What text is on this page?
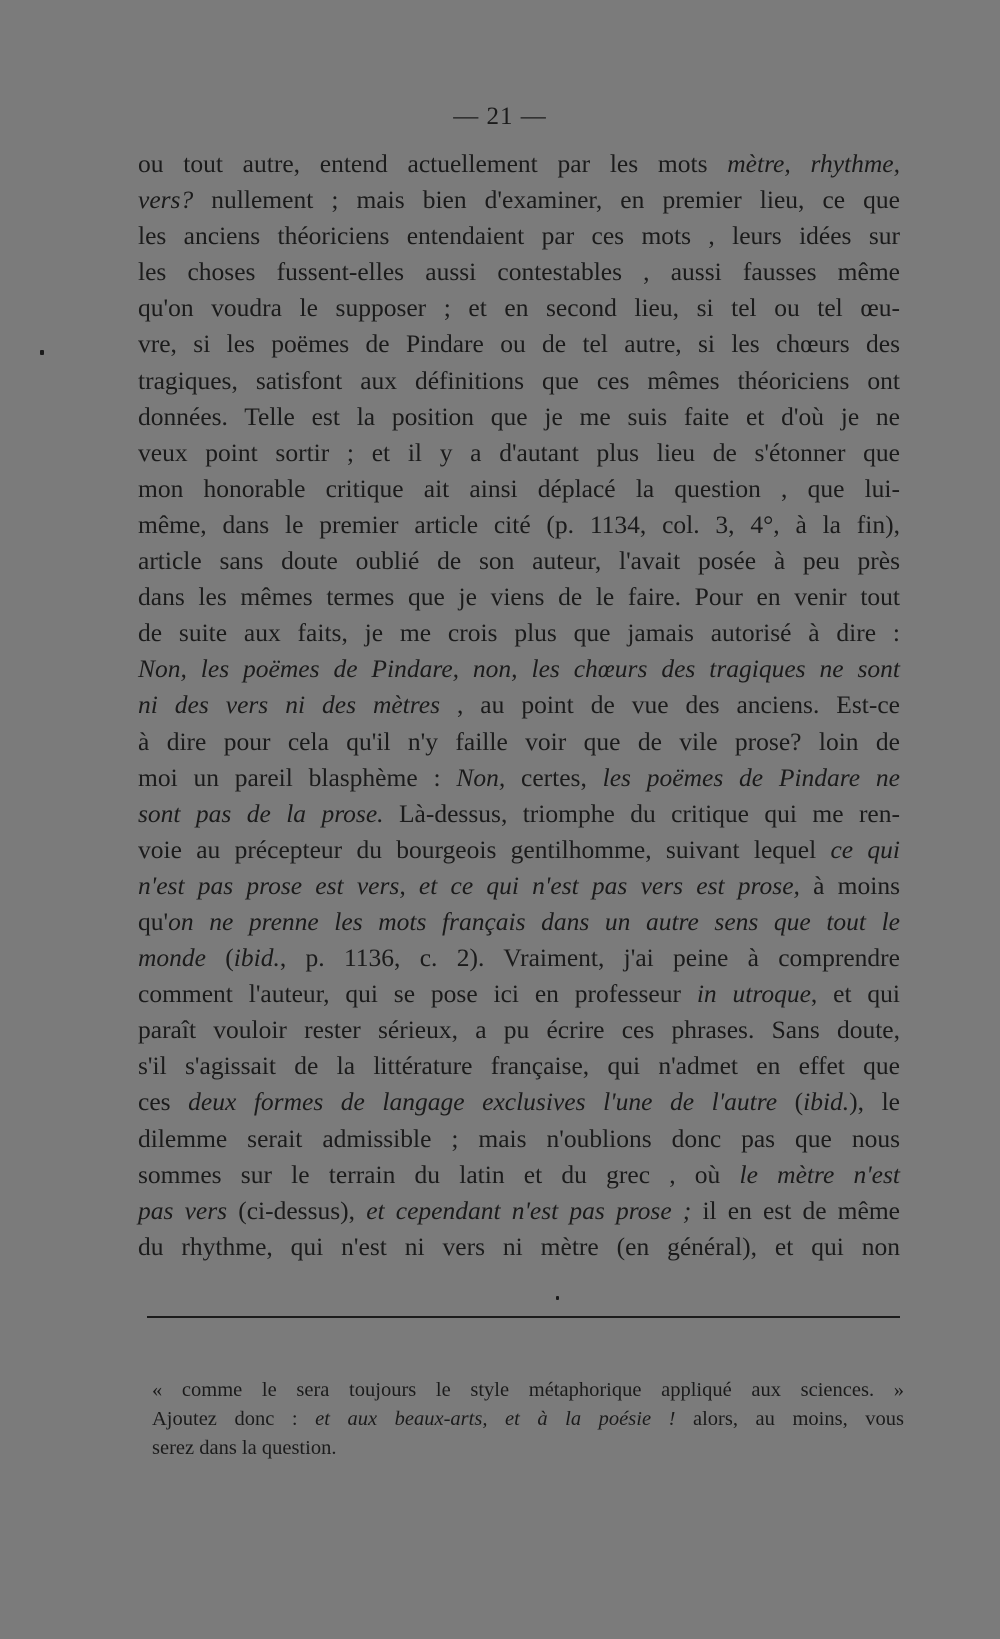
— 21 —
ou tout autre, entend actuellement par les mots mètre, rhythme,
vers? nullement ; mais bien d'examiner, en premier lieu, ce que
les anciens théoriciens entendaient par ces mots , leurs idées sur
les choses fussent-elles aussi contestables , aussi fausses même
qu'on voudra le supposer ; et en second lieu, si tel ou tel œu-
vre, si les poëmes de Pindare ou de tel autre, si les chœurs des
tragiques, satisfont aux définitions que ces mêmes théoriciens ont
données. Telle est la position que je me suis faite et d'où je ne
veux point sortir ; et il y a d'autant plus lieu de s'étonner que
mon honorable critique ait ainsi déplacé la question , que lui-
même, dans le premier article cité (p. 1134, col. 3, 4°, à la fin),
article sans doute oublié de son auteur, l'avait posée à peu près
dans les mêmes termes que je viens de le faire. Pour en venir tout
de suite aux faits, je me crois plus que jamais autorisé à dire :
Non, les poëmes de Pindare, non, les chœurs des tragiques ne sont
ni des vers ni des mètres , au point de vue des anciens. Est-ce
à dire pour cela qu'il n'y faille voir que de vile prose? loin de
moi un pareil blasphème : Non, certes, les poëmes de Pindare ne
sont pas de la prose. Là-dessus, triomphe du critique qui me ren-
voie au précepteur du bourgeois gentilhomme, suivant lequel ce qui
n'est pas prose est vers, et ce qui n'est pas vers est prose, à moins
qu'on ne prenne les mots français dans un autre sens que tout le
monde (ibid., p. 1136, c. 2). Vraiment, j'ai peine à comprendre
comment l'auteur, qui se pose ici en professeur in utroque, et qui
paraît vouloir rester sérieux, a pu écrire ces phrases. Sans doute,
s'il s'agissait de la littérature française, qui n'admet en effet que
ces deux formes de langage exclusives l'une de l'autre (ibid.), le
dilemme serait admissible ; mais n'oublions donc pas que nous
sommes sur le terrain du latin et du grec , où le mètre n'est
pas vers (ci-dessus), et cependant n'est pas prose ; il en est de même
du rhythme, qui n'est ni vers ni mètre (en général), et qui non
« comme le sera toujours le style métaphorique appliqué aux sciences. »
Ajoutez donc : et aux beaux-arts, et à la poésie ! alors, au moins, vous
serez dans la question.
